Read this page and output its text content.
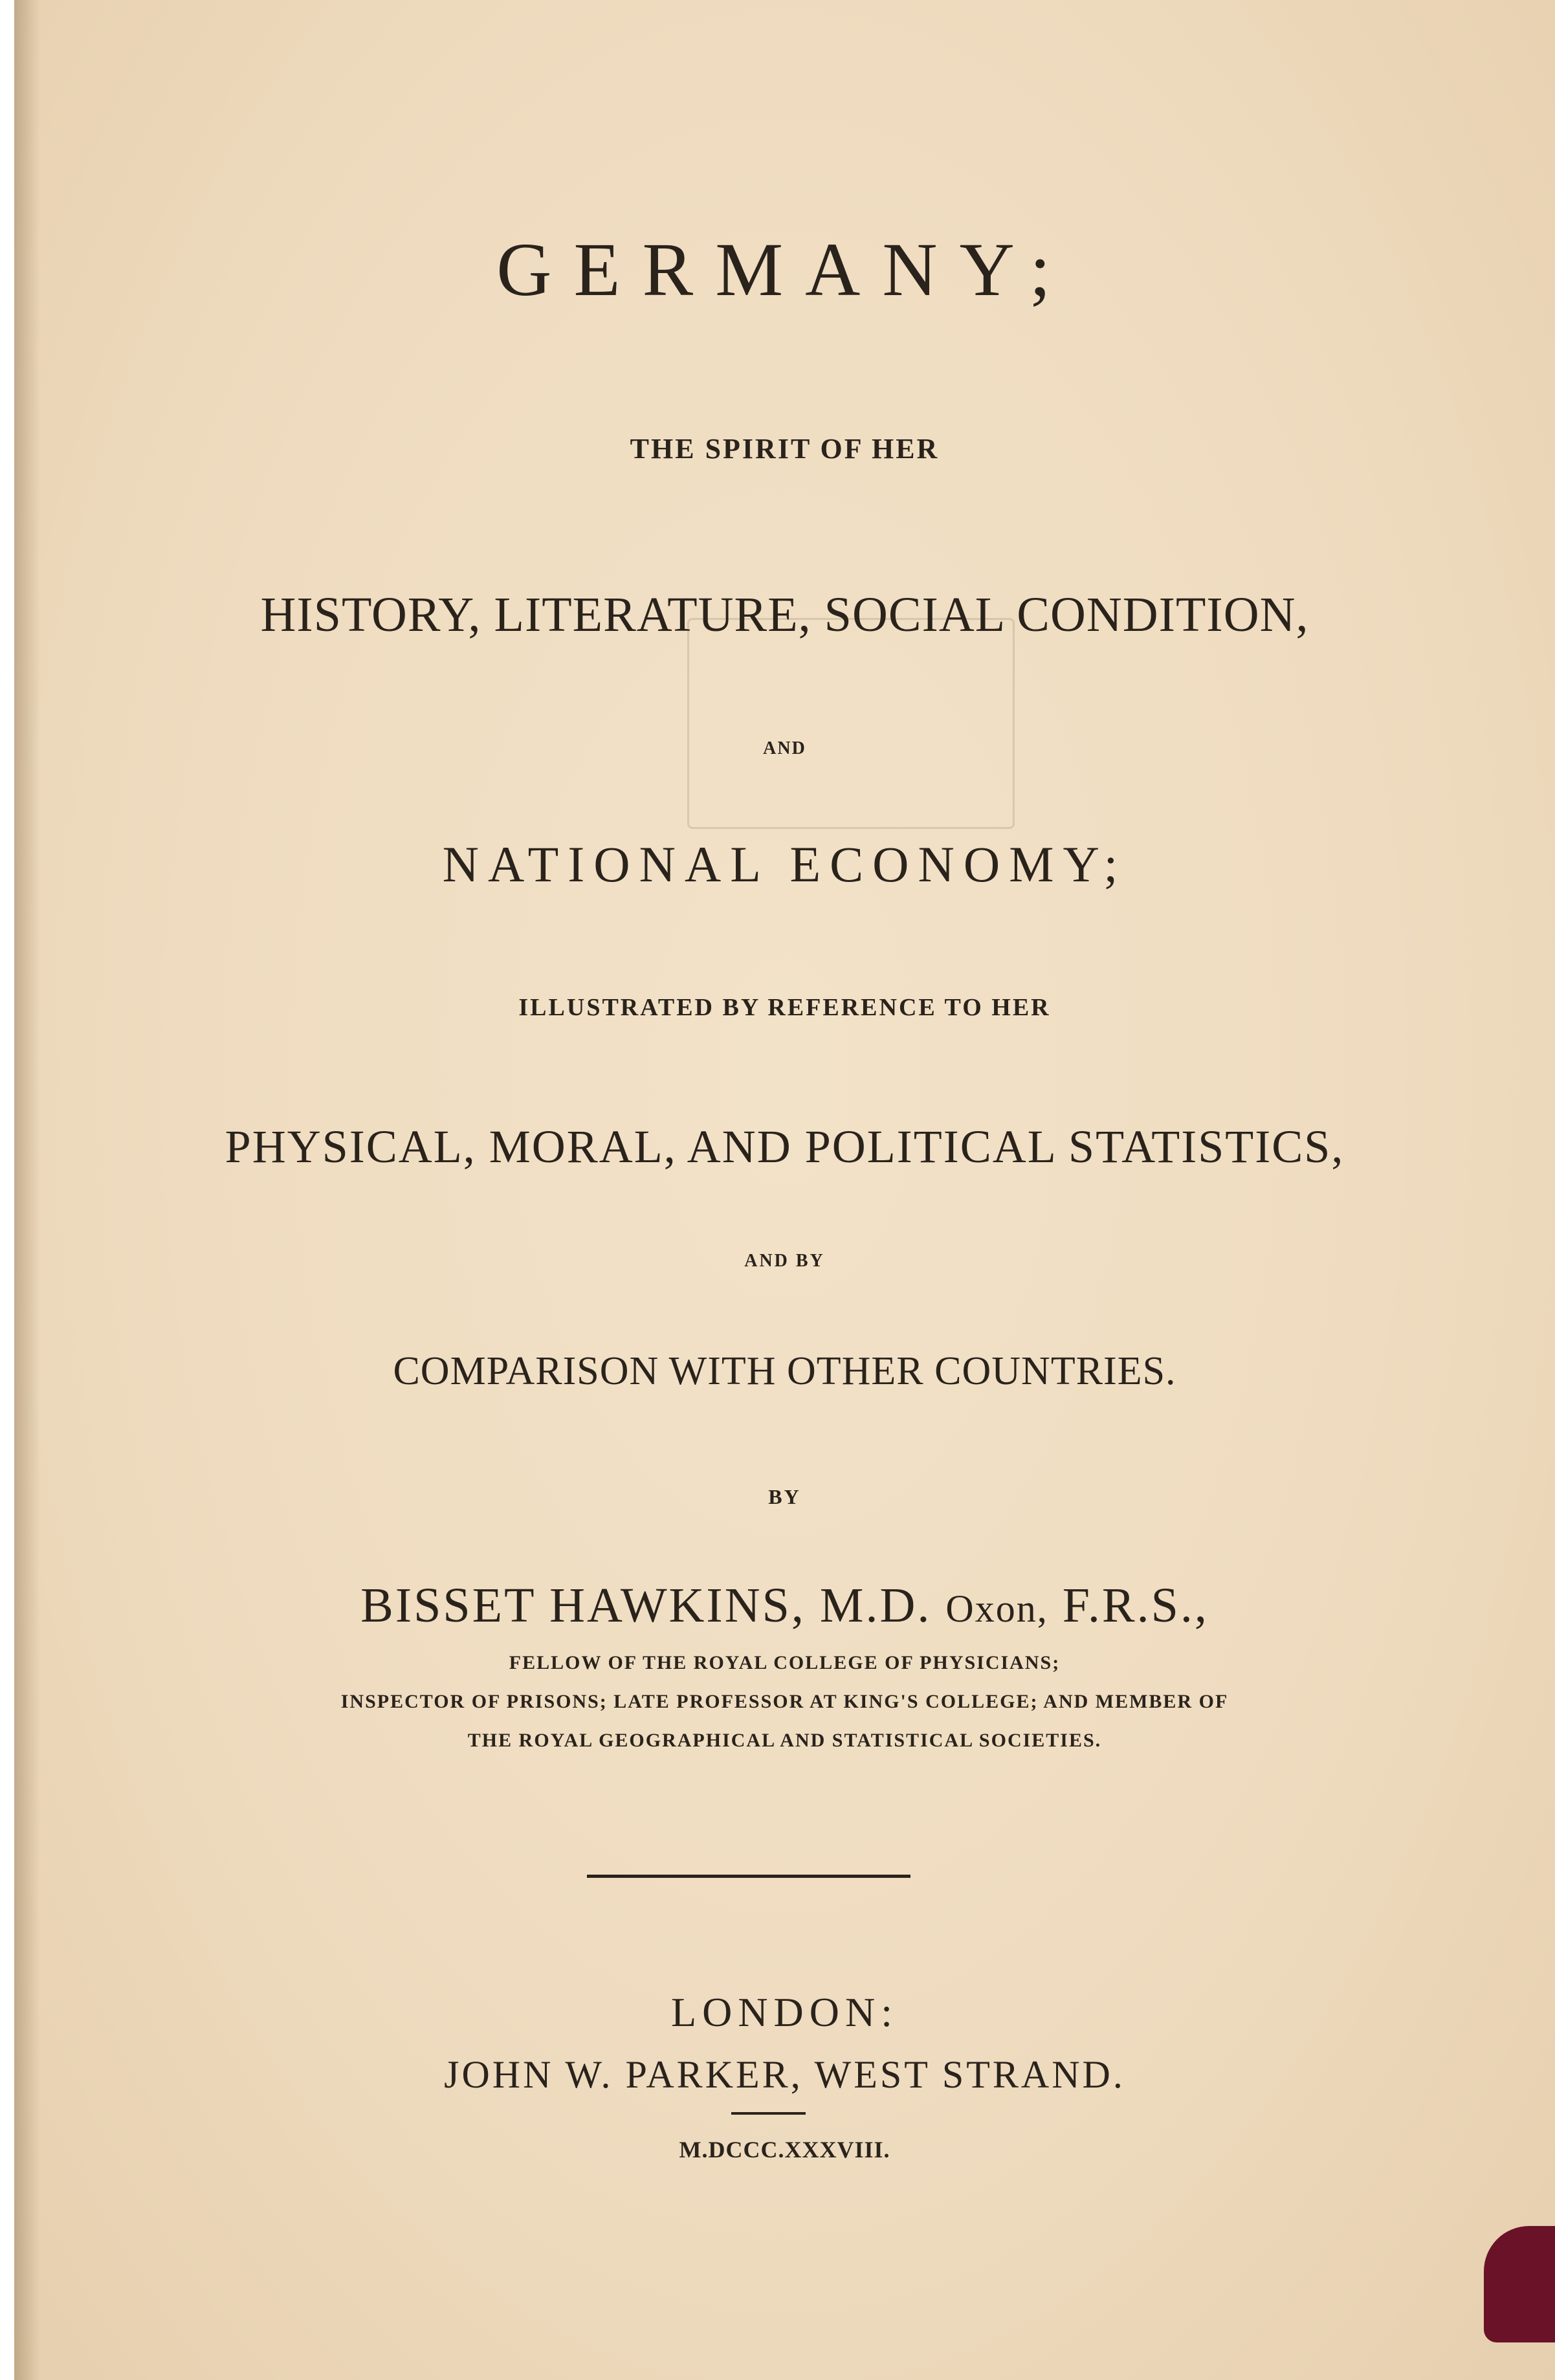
GERMANY;
THE SPIRIT OF HER
HISTORY, LITERATURE, SOCIAL CONDITION,
AND
NATIONAL ECONOMY;
ILLUSTRATED BY REFERENCE TO HER
PHYSICAL, MORAL, AND POLITICAL STATISTICS,
AND BY
COMPARISON WITH OTHER COUNTRIES.
BY
BISSET HAWKINS, M.D. Oxon, F.R.S.,
FELLOW OF THE ROYAL COLLEGE OF PHYSICIANS;
INSPECTOR OF PRISONS; LATE PROFESSOR AT KING'S COLLEGE; AND MEMBER OF
THE ROYAL GEOGRAPHICAL AND STATISTICAL SOCIETIES.
LONDON:
JOHN W. PARKER, WEST STRAND.
M.DCCC.XXXVIII.
